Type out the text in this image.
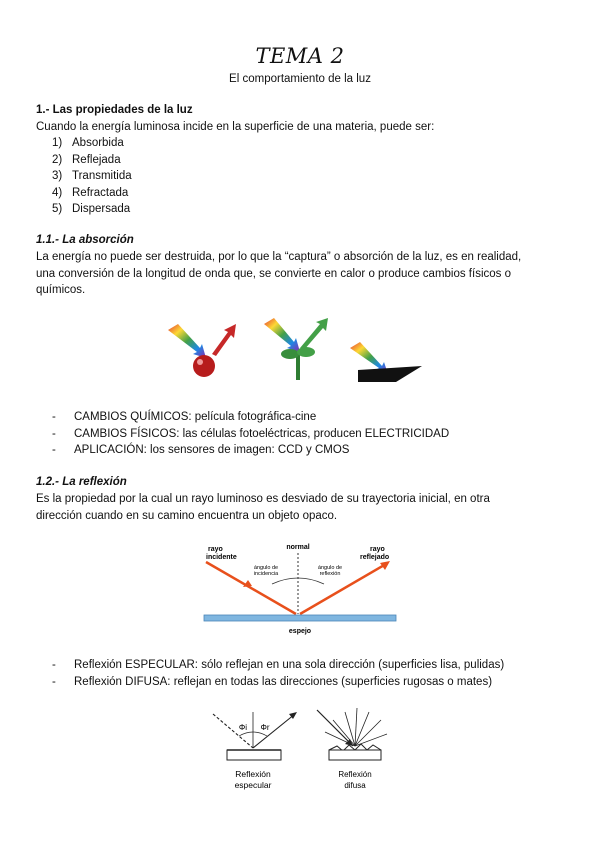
TEMA 2
El comportamiento de la luz
1.- Las propiedades de la luz
Cuando la energía luminosa incide en la superficie de una materia, puede ser:
1) Absorbida
2) Reflejada
3) Transmitida
4) Refractada
5) Dispersada
1.1.- La absorción
La energía no puede ser destruida, por lo que la “captura” o absorción de la luz, es en realidad,
una conversión de la longitud de onda que, se convierte en calor o produce cambios físicos o
químicos.
- CAMBIOS QUÍMICOS: película fotográfica-cine
- CAMBIOS FÍSICOS: las células fotoeléctricas, producen ELECTRICIDAD
- APLICACIÓN: los sensores de imagen: CCD y CMOS
1.2.- La reflexión
Es la propiedad por la cual un rayo luminoso es desviado de su trayectoria inicial, en otra
dirección cuando en su camino encuentra un objeto opaco.
normal
rayo
incidente
rayo
reflejado
ángulo de
incidencia
ángulo de
reflexión
espejo
- Reflexión ESPECULAR: sólo reflejan en una sola dirección (superficies lisa, pulidas)
- Reflexión DIFUSA: reflejan en todas las direcciones (superficies rugosas o mates)
Φi Φr
Reflexión
especular
Reflexión
difusa
